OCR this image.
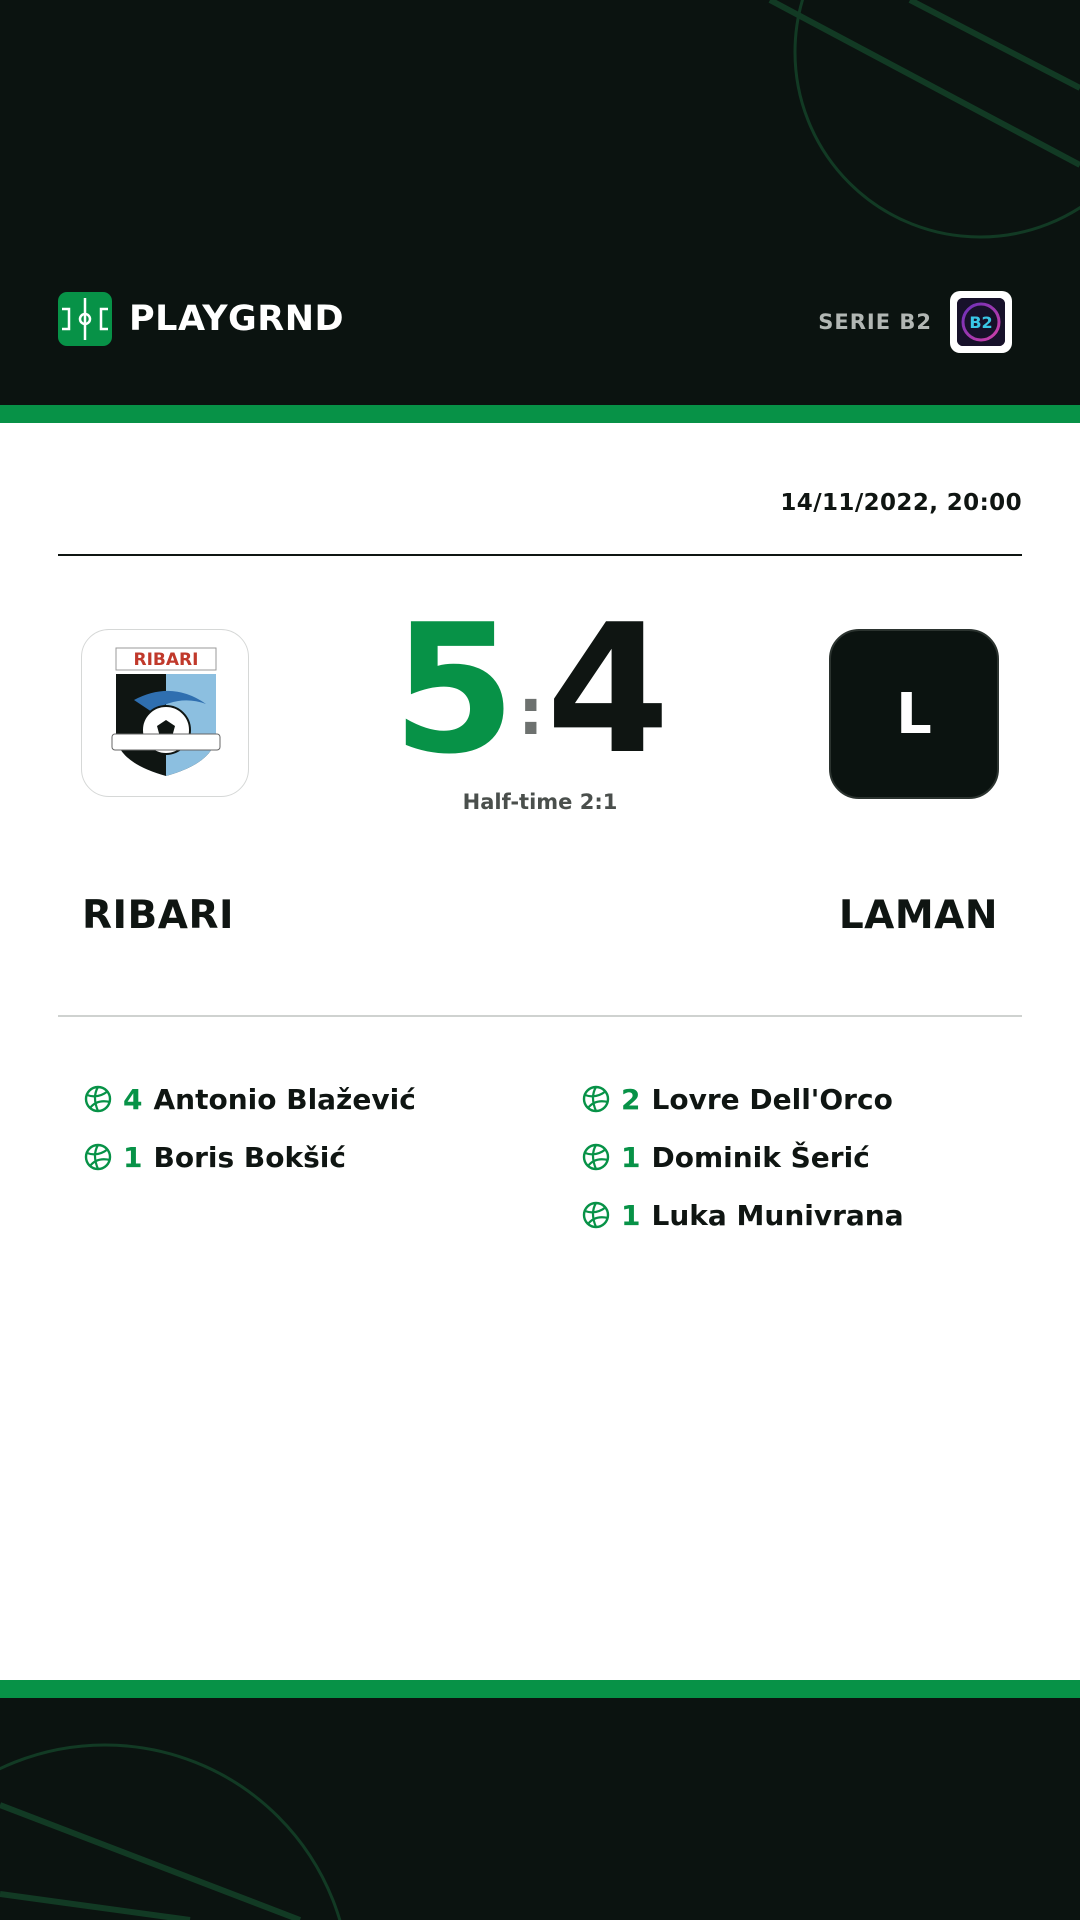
PLAYGRND	SERIE B2 B2
14/11/2022, 20:00
RIBARI 5 : 4	L
Half-time 2:1
RIBARI	LAMAN
4 Antonio Blažević
1 Boris Bokšić
2 Lovre Dell'Orco
1 Dominik Šerić
1 Luka Munivrana
